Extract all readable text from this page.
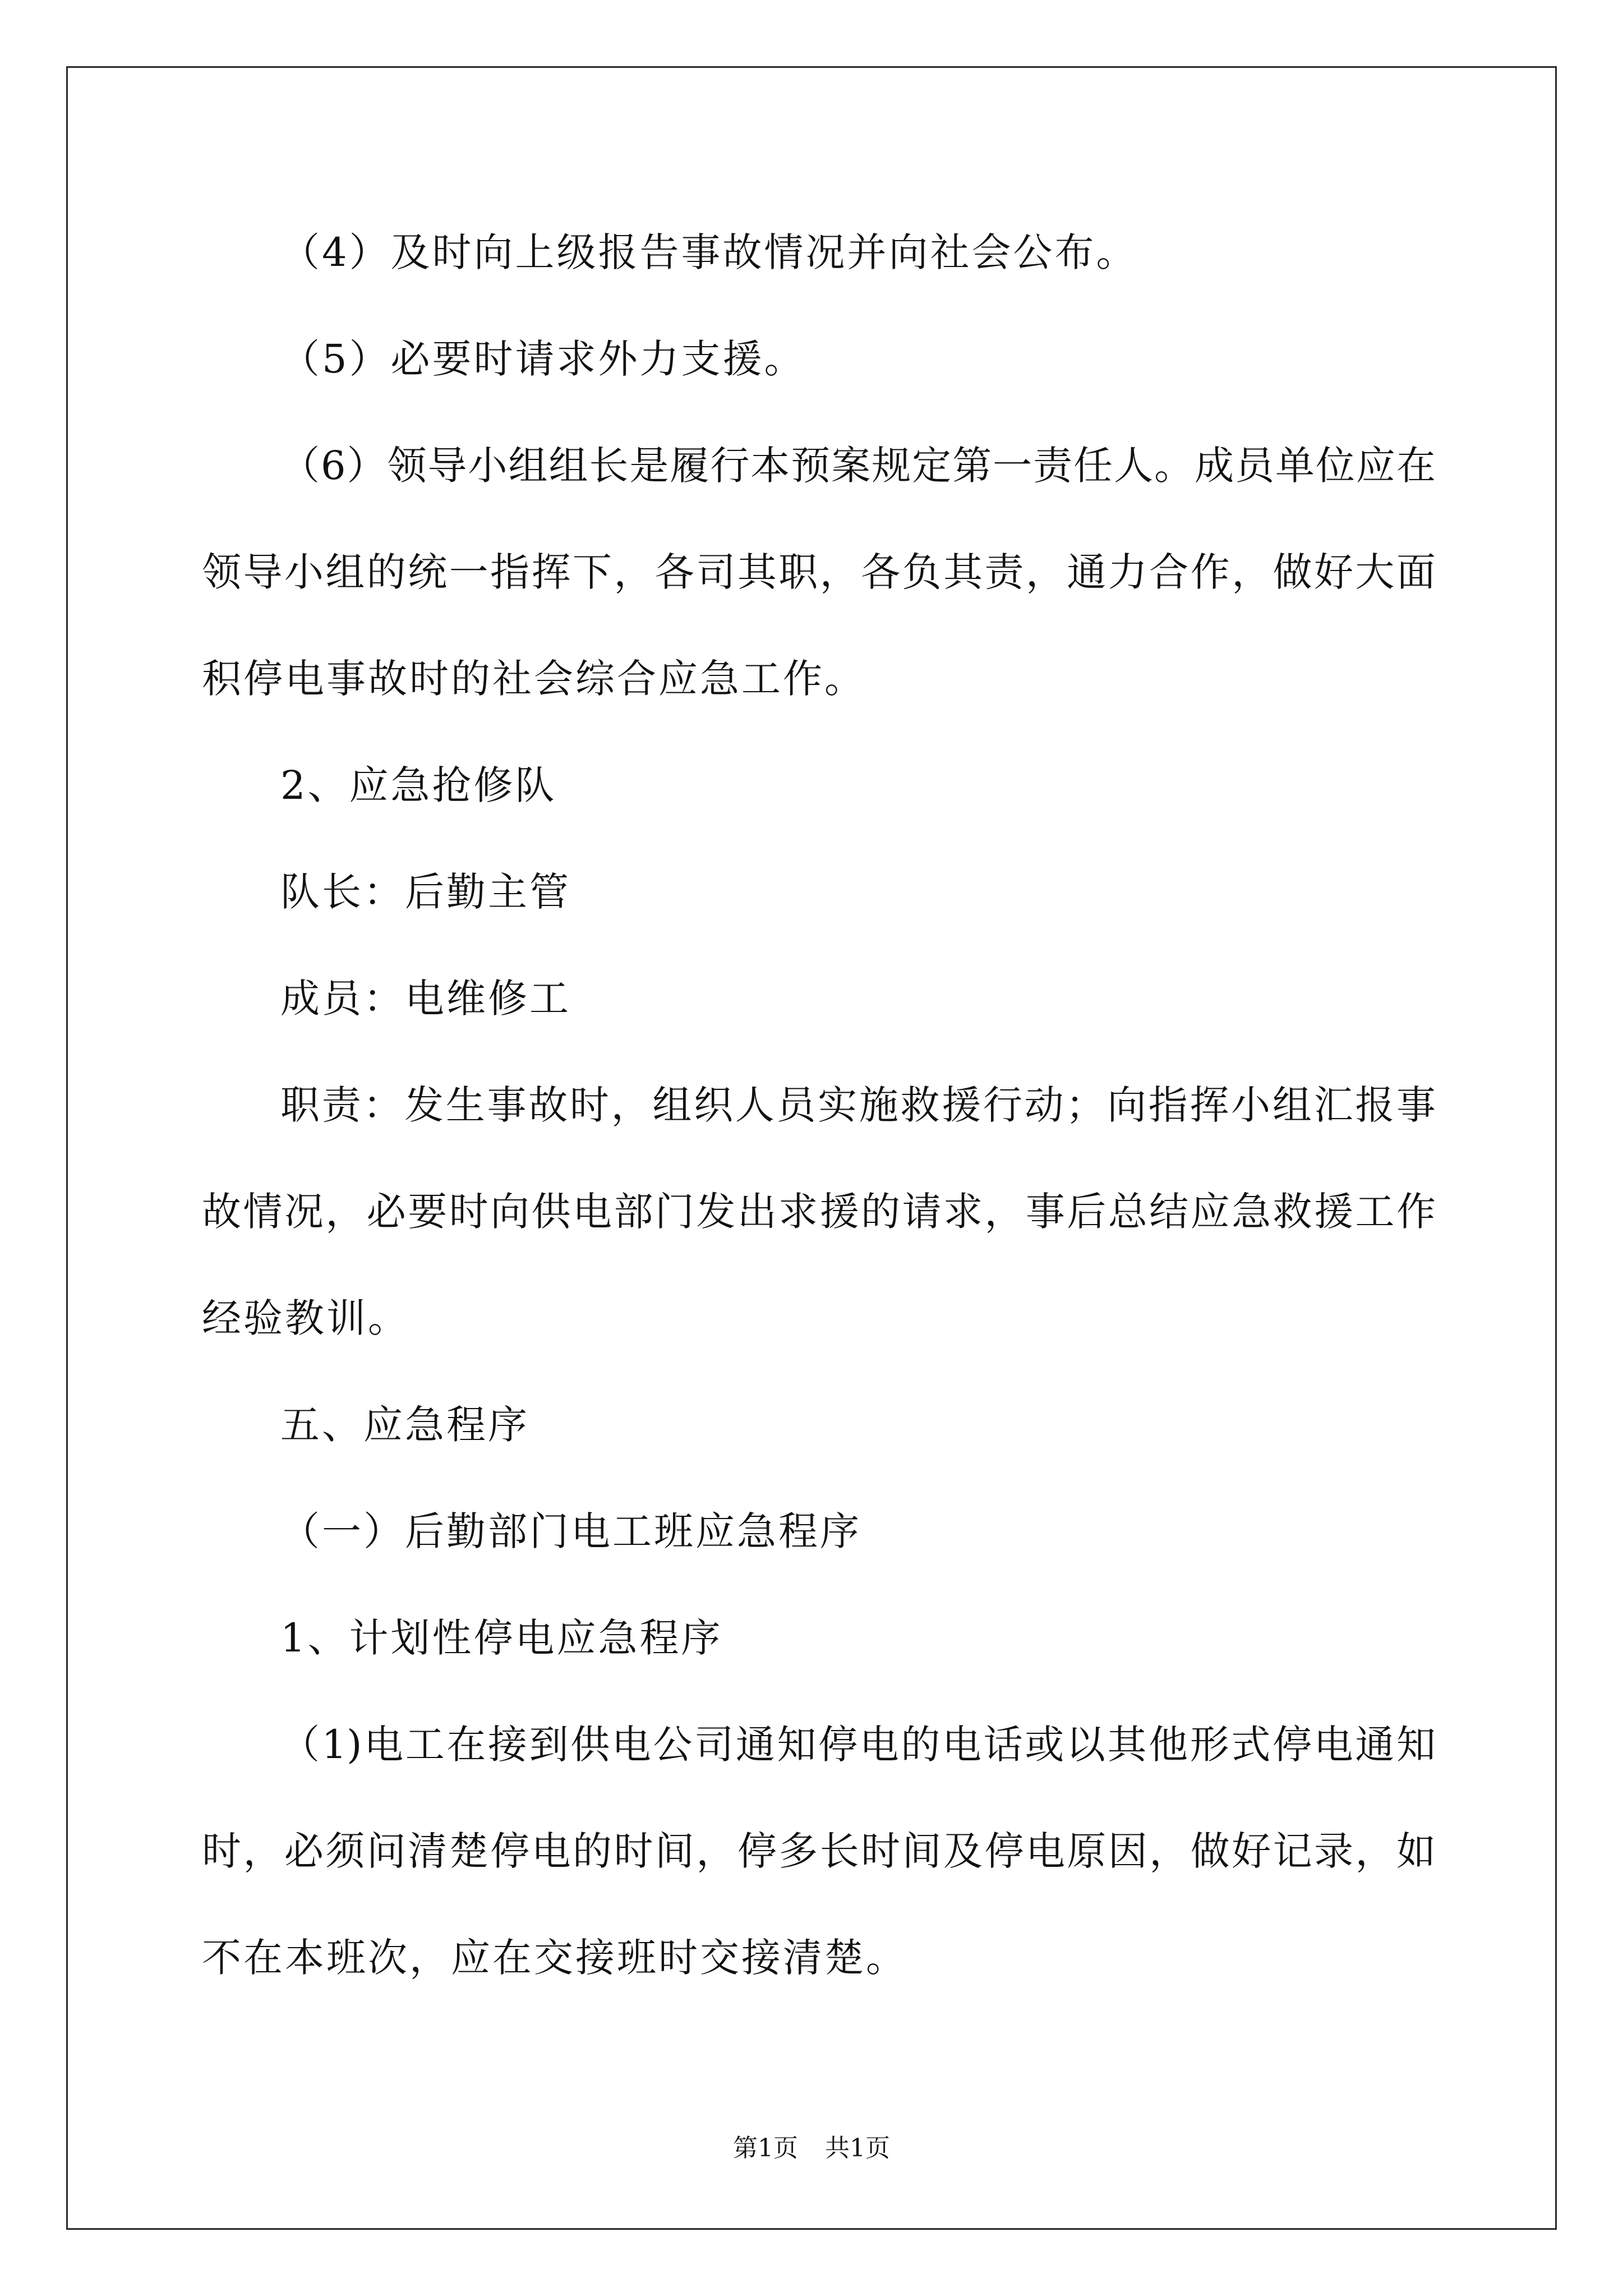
（4）及时向上级报告事故情况并向社会公布。
（5）必要时请求外力支援。
（6）领导小组组长是履行本预案规定第一责任人。成员单位应在
领导小组的统一指挥下，各司其职，各负其责，通力合作，做好大面
积停电事故时的社会综合应急工作。
2、应急抢修队
队长：后勤主管
成员：电维修工
职责：发生事故时，组织人员实施救援行动；向指挥小组汇报事
故情况，必要时向供电部门发出求援的请求，事后总结应急救援工作
经验教训。
五、应急程序
（一）后勤部门电工班应急程序
1、计划性停电应急程序
（1)电工在接到供电公司通知停电的电话或以其他形式停电通知
时，必须问清楚停电的时间，停多长时间及停电原因，做好记录，如
不在本班次，应在交接班时交接清楚。
第1页 共1页
